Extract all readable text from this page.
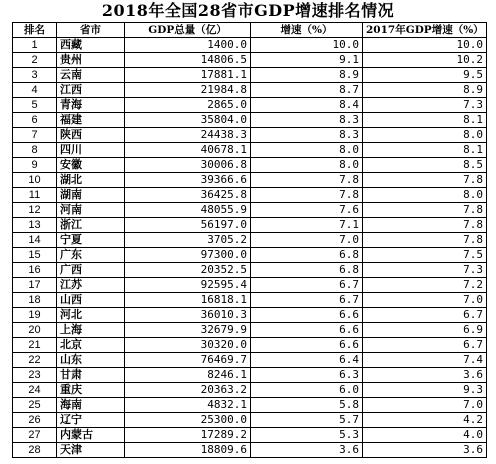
2018年全国28省市GDP增速排名情况
排名	省市	GDP总量（亿）	增速（%）	2017年GDP增速（%）
1	西藏	1400.0	10.0	10.0
2	贵州	14806.5	9.1	10.2
3	云南	17881.1	8.9	9.5
4	江西	21984.8	8.7	8.9
5	青海	2865.0	8.4	7.3
6	福建	35804.0	8.3	8.1
7	陕西	24438.3	8.3	8.0
8	四川	40678.1	8.0	8.1
9	安徽	30006.8	8.0	8.5
10	湖北	39366.6	7.8	7.8
11	湖南	36425.8	7.8	8.0
12	河南	48055.9	7.6	7.8
13	浙江	56197.0	7.1	7.8
14	宁夏	3705.2	7.0	7.8
15	广东	97300.0	6.8	7.5
16	广西	20352.5	6.8	7.3
17	江苏	92595.4	6.7	7.2
18	山西	16818.1	6.7	7.0
19	河北	36010.3	6.6	6.7
20	上海	32679.9	6.6	6.9
21	北京	30320.0	6.6	6.7
22	山东	76469.7	6.4	7.4
23	甘肃	8246.1	6.3	3.6
24	重庆	20363.2	6.0	9.3
25	海南	4832.1	5.8	7.0
26	辽宁	25300.0	5.7	4.2
27	内蒙古	17289.2	5.3	4.0
28	天津	18809.6	3.6	3.6
